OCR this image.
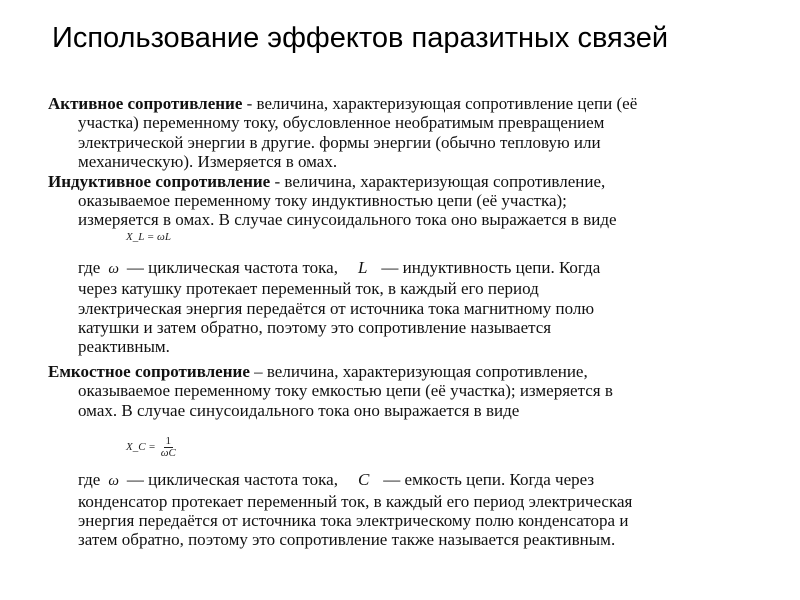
Использование эффектов паразитных связей
Активное сопротивление - величина, характеризующая сопротивление цепи (её
участка) переменному току, обусловленное необратимым превращением
электрической энергии в другие. формы энергии (обычно тепловую или
механическую). Измеряется в омах.
Индуктивное сопротивление - величина, характеризующая сопротивление,
оказываемое переменному току индуктивностью цепи (её участка);
измеряется в омах. В случае синусоидального тока оно выражается в виде
X_L = ωL
где ω — циклическая частота тока, L — индуктивность цепи. Когда
через катушку протекает переменный ток, в каждый его период
электрическая энергия передаётся от источника тока магнитному полю
катушки и затем обратно, поэтому это сопротивление называется
реактивным.
Емкостное сопротивление – величина, характеризующая сопротивление,
оказываемое переменному току емкостью цепи (её участка); измеряется в
омах. В случае синусоидального тока оно выражается в виде
X_C = $\frac{1}{\omega C}$
где ω — циклическая частота тока, C — емкость цепи. Когда через
конденсатор протекает переменный ток, в каждый его период электрическая
энергия передаётся от источника тока электрическому полю конденсатора и
затем обратно, поэтому это сопротивление также называется реактивным.
